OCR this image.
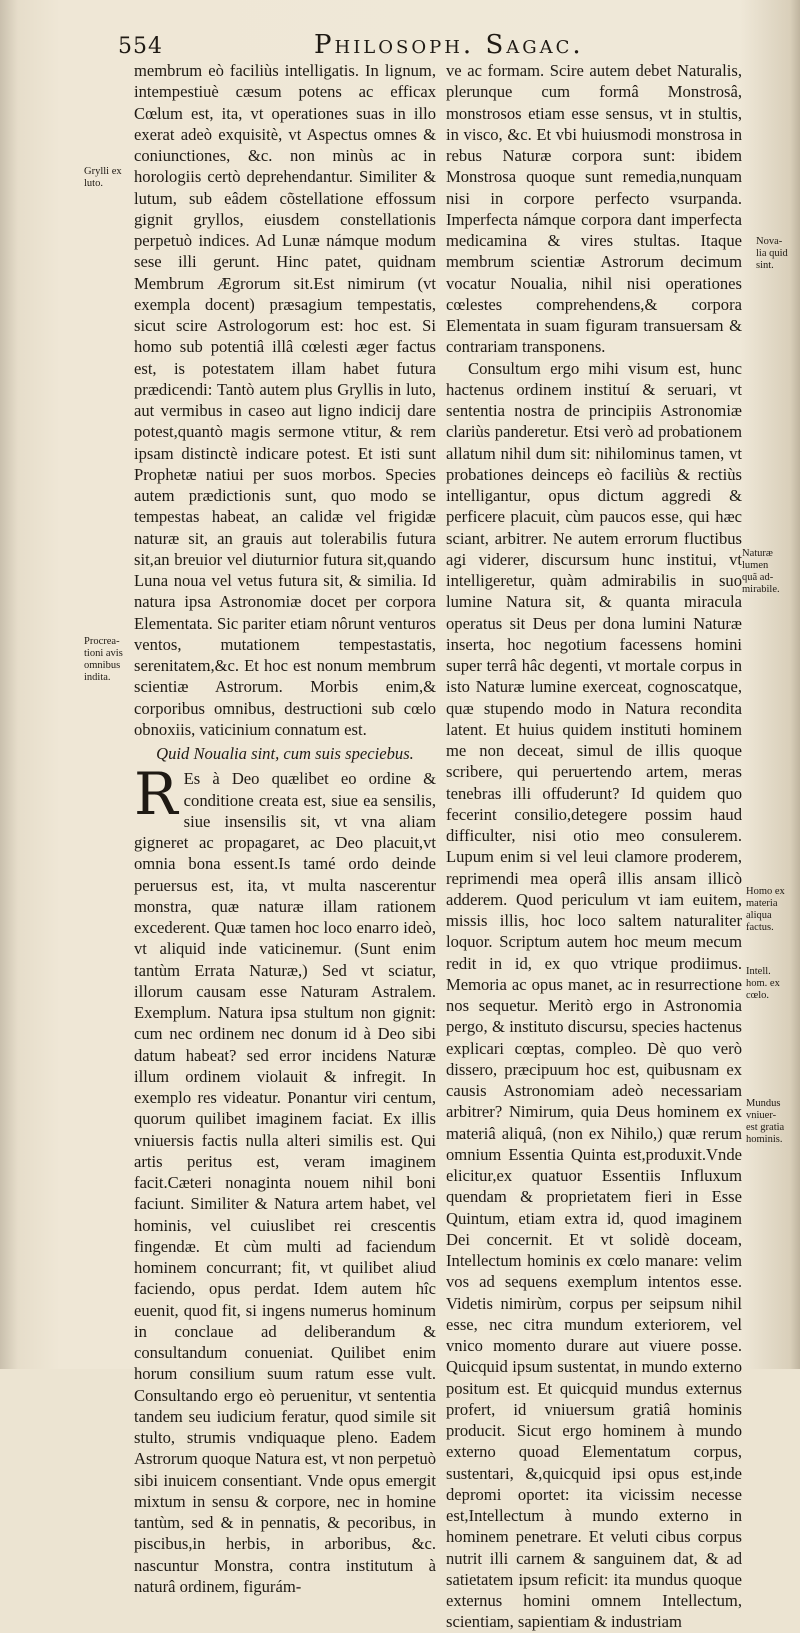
554	Philosoph. Sagac.
Grylli ex
luto.
Procrea-
tioni avis
omnibus
indita.
Nova-
lia quid
sint.
Naturæ
lumen
quã ad-
mirabile.
Homo ex
materia
aliqua
factus.
Intell.
hom. ex
cœlo.
Mundus
vniuer-
est gratia
hominis.

membrum eò faciliùs intelligatis. In lignum, intempestiuè cæsum potens ac efficax Cœlum est, ita, vt operationes suas in illo exerat adeò exquisitè, vt Aspectus omnes & coniunctiones, &c. non minùs ac in horologiis certò deprehendantur. Similiter & lutum, sub eâdem cõstellatione effossum gignit gryllos, eiusdem constellationis perpetuò indices. Ad Lunæ námque modum sese illi gerunt. Hinc patet, quidnam Membrum Ægrorum sit.Est nimirum (vt exempla docent) præsagium tempestatis, sicut scire Astrologorum est: hoc est. Si homo sub potentiâ illâ cœlesti æger factus est, is potestatem illam habet futura prædicendi: Tantò autem plus Gryllis in luto, aut vermibus in caseo aut ligno indicij dare potest,quantò magis sermone vtitur, & rem ipsam distinctè indicare potest. Et isti sunt Prophetæ natiui per suos morbos. Species autem prædictionis sunt, quo modo se tempestas habeat, an calidæ vel frigidæ naturæ sit, an grauis aut tolerabilis futura sit,an breuior vel diuturnior futura sit,quando Luna noua vel vetus futura sit, & similia. Id natura ipsa Astronomiæ docet per corpora Elementata. Sic pariter etiam nôrunt venturos ventos, mutationem tempestastatis, serenitatem,&c. Et hoc est nonum membrum scientiæ Astrorum. Morbis enim,& corporibus omnibus, destructioni sub cœlo obnoxiis, vaticinium connatum est.

Quid Noualia sint, cum suis speciebus.

R Es à Deo quælibet eo ordine & conditione creata est, siue ea sensilis, siue insensilis sit, vt vna aliam gigneret ac propagaret, ac Deo placuit,vt omnia bona essent.Is tamé ordo deinde peruersus est, ita, vt multa nascerentur monstra, quæ naturæ illam rationem excederent. Quæ tamen hoc loco enarro ideò, vt aliquid inde vaticinemur. (Sunt enim tantùm Errata Naturæ,) Sed vt sciatur, illorum causam esse Naturam Astralem. Exemplum. Natura ipsa stultum non gignit: cum nec ordinem nec donum id à Deo sibi datum habeat? sed error incidens Naturæ illum ordinem violauit & infregit. In exemplo res videatur. Ponantur viri centum, quorum quilibet imaginem faciat. Ex illis vniuersis factis nulla alteri similis est. Qui artis peritus est, veram imaginem facit.Cæteri nonaginta nouem nihil boni faciunt. Similiter & Natura artem habet, vel hominis, vel cuiuslibet rei crescentis fingendæ. Et cùm multi ad faciendum hominem concurrant; fit, vt quilibet aliud faciendo, opus perdat. Idem autem hîc euenit, quod fit, si ingens numerus hominum in conclaue ad deliberandum & consultandum conueniat. Quilibet enim horum consilium suum ratum esse vult. Consultando ergo eò peruenitur, vt sententia tandem seu iudicium feratur, quod simile sit stulto, strumis vndiquaque pleno. Eadem Astrorum quoque Natura est, vt non perpetuò sibi inuicem consentiant. Vnde opus emergit mixtum in sensu & corpore, nec in homine tantùm, sed & in pennatis, & pecoribus, in piscibus,in herbis, in arboribus, &c. nascuntur Monstra, contra institutum à naturâ ordinem, figurám-

ve ac formam. Scire autem debet Naturalis, plerunque cum formâ Monstrosâ, monstrosos etiam esse sensus, vt in stultis, in visco, &c. Et vbi huiusmodi monstrosa in rebus Naturæ corpora sunt: ibidem Monstrosa quoque sunt remedia,nunquam nisi in corpore perfecto vsurpanda. Imperfecta námque corpora dant imperfecta medicamina & vires stultas. Itaque membrum scientiæ Astrorum decimum vocatur Noualia, nihil nisi operationes cœlestes comprehendens,& corpora Elementata in suam figuram transuersam & contrariam transponens.

Consultum ergo mihi visum est, hunc hactenus ordinem instituí & seruari, vt sententia nostra de principiis Astronomiæ clariùs panderetur. Etsi verò ad probationem allatum nihil dum sit: nihilominus tamen, vt probationes deinceps eò faciliùs & rectiùs intelligantur, opus dictum aggredi & perficere placuit, cùm paucos esse, qui hæc sciant, arbitrer. Ne autem errorum fluctibus agi viderer, discursum hunc institui, vt intelligeretur, quàm admirabilis in suo lumine Natura sit, & quanta miracula operatus sit Deus per dona lumini Naturæ inserta, hoc negotium facessens homini super terrâ hâc degenti, vt mortale corpus in isto Naturæ lumine exerceat, cognoscatque, quæ stupendo modo in Natura recondita latent. Et huius quidem instituti hominem me non deceat, simul de illis quoque scribere, qui peruertendo artem, meras tenebras illi offuderunt? Id quidem quo fecerint consilio,detegere possim haud difficulter, nisi otio meo consulerem. Lupum enim si vel leui clamore proderem, reprimendi mea operâ illis ansam illicò adderem. Quod periculum vt iam euitem, missis illis, hoc loco saltem naturaliter loquor. Scriptum autem hoc meum mecum redit in id, ex quo vtrique prodiimus. Memoria ac opus manet, ac in resurrectione nos sequetur. Meritò ergo in Astronomia pergo, & instituto discursu, species hactenus explicari cœptas, compleo. Dè quo verò dissero, præcipuum hoc est, quibusnam ex causis Astronomiam adeò necessariam arbitrer? Nimirum, quia Deus hominem ex materiâ aliquâ, (non ex Nihilo,) quæ rerum omnium Essentia Quinta est,produxit.Vnde elicitur,ex quatuor Essentiis Influxum quendam & proprietatem fieri in Esse Quintum, etiam extra id, quod imaginem Dei concernit. Et vt solidè doceam, Intellectum hominis ex cœlo manare: velim vos ad sequens exemplum intentos esse. Videtis nimirùm, corpus per seipsum nihil esse, nec citra mundum exteriorem, vel vnico momento durare aut viuere posse. Quicquid ipsum sustentat, in mundo externo positum est. Et quicquid mundus externus profert, id vniuersum gratiâ hominis producit. Sicut ergo hominem à mundo externo quoad Elementatum corpus, sustentari, &,quicquid ipsi opus est,inde depromi oportet: ita vicissim necesse est,Intellectum à mundo externo in hominem penetrare. Et veluti cibus corpus nutrit illi carnem & sanguinem dat, & ad satietatem ipsum reficit: ita mundus quoque externus homini omnem Intellectum, scientiam, sapientiam & industriam
